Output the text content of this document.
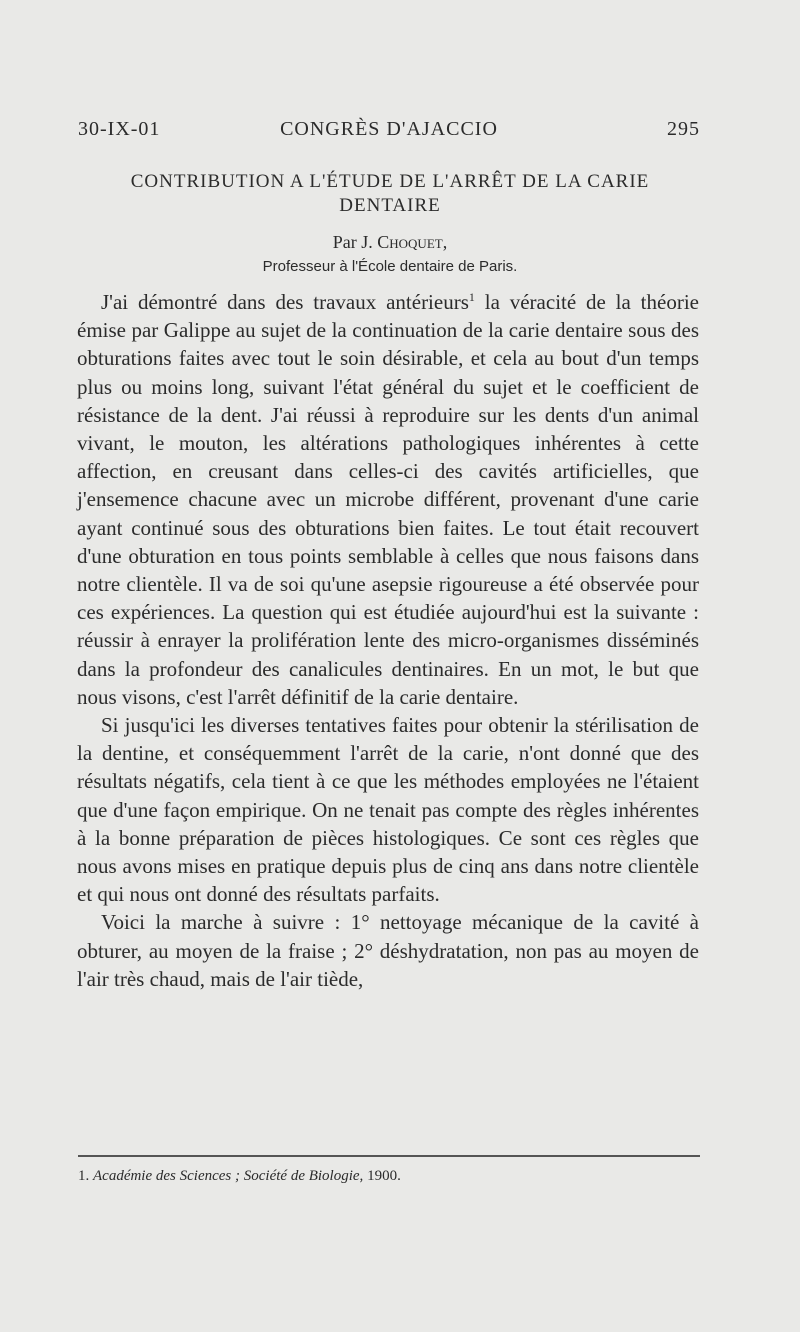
30-IX-01	CONGRÈS D'AJACCIO	295
CONTRIBUTION A L'ÉTUDE DE L'ARRÊT DE LA CARIE
DENTAIRE
Par J. Choquet,
Professeur à l'École dentaire de Paris.

J'ai démontré dans des travaux antérieurs$^1$ la véracité de la théorie émise par Galippe au sujet de la continuation de la carie dentaire sous des obturations faites avec tout le soin désirable, et cela au bout d'un temps plus ou moins long, suivant l'état général du sujet et le coefficient de résistance de la dent. J'ai réussi à reproduire sur les dents d'un animal vivant, le mouton, les altérations pathologiques inhérentes à cette affection, en creusant dans celles-ci des cavités artificielles, que j'ensemence chacune avec un microbe différent, provenant d'une carie ayant continué sous des obturations bien faites. Le tout était recouvert d'une obturation en tous points semblable à celles que nous faisons dans notre clientèle. Il va de soi qu'une asepsie rigoureuse a été observée pour ces expériences. La question qui est étudiée aujourd'hui est la suivante : réussir à enrayer la prolifération lente des micro-organismes disséminés dans la profondeur des canalicules dentinaires. En un mot, le but que nous visons, c'est l'arrêt définitif de la carie dentaire.

Si jusqu'ici les diverses tentatives faites pour obtenir la stérilisation de la dentine, et conséquemment l'arrêt de la carie, n'ont donné que des résultats négatifs, cela tient à ce que les méthodes employées ne l'étaient que d'une façon empirique. On ne tenait pas compte des règles inhérentes à la bonne préparation de pièces histologiques. Ce sont ces règles que nous avons mises en pratique depuis plus de cinq ans dans notre clientèle et qui nous ont donné des résultats parfaits.

Voici la marche à suivre : 1° nettoyage mécanique de la cavité à obturer, au moyen de la fraise ; 2° déshydratation, non pas au moyen de l'air très chaud, mais de l'air tiède,

1. Académie des Sciences ; Société de Biologie, 1900.
